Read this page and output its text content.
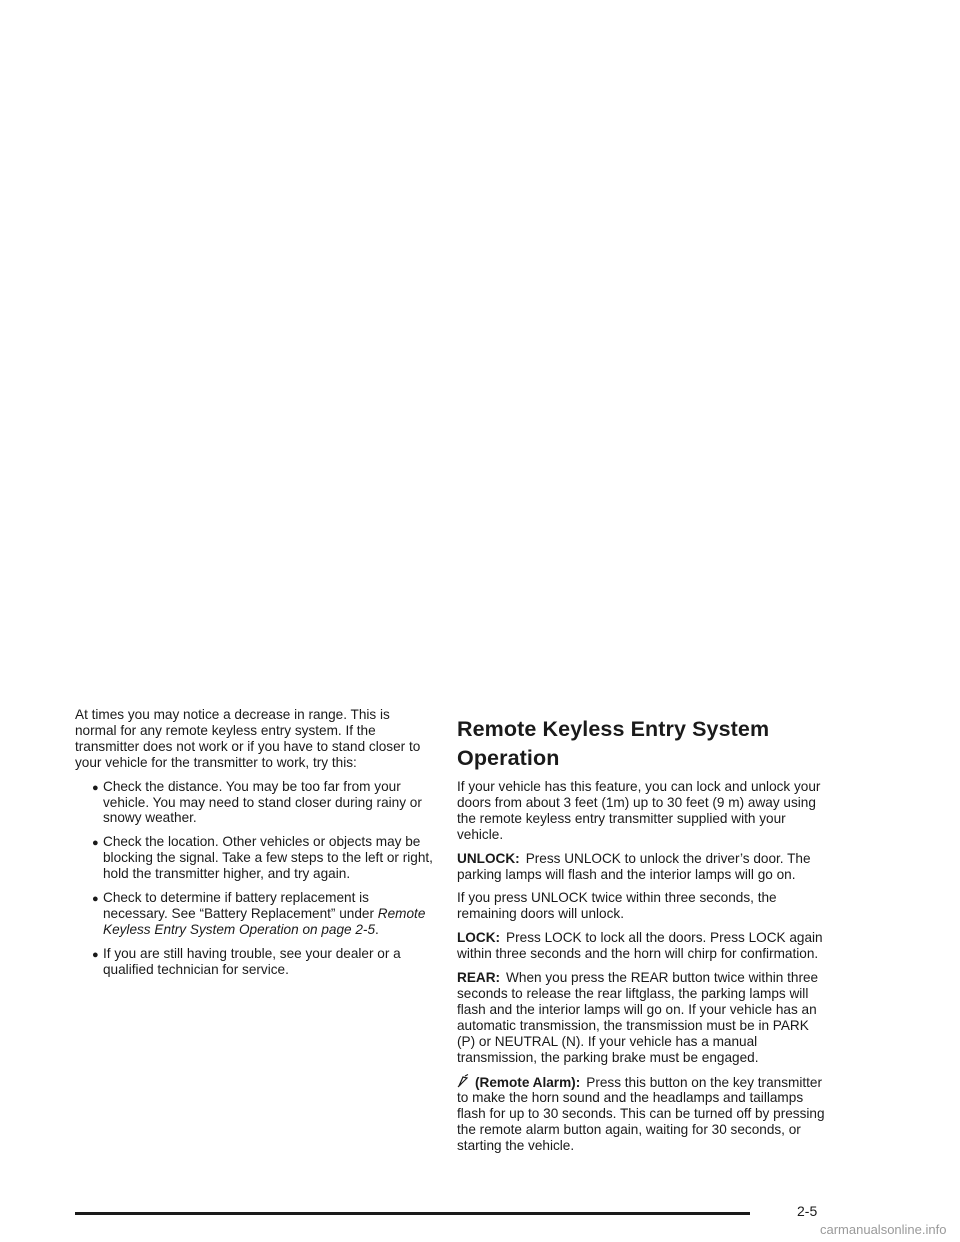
At times you may notice a decrease in range. This is normal for any remote keyless entry system. If the transmitter does not work or if you have to stand closer to your vehicle for the transmitter to work, try this:

● Check the distance. You may be too far from your vehicle. You may need to stand closer during rainy or snowy weather.
● Check the location. Other vehicles or objects may be blocking the signal. Take a few steps to the left or right, hold the transmitter higher, and try again.
● Check to determine if battery replacement is necessary. See “Battery Replacement” under Remote Keyless Entry System Operation on page 2-5.
● If you are still having trouble, see your dealer or a qualified technician for service.
Remote Keyless Entry System Operation

If your vehicle has this feature, you can lock and unlock your doors from about 3 feet (1m) up to 30 feet (9 m) away using the remote keyless entry transmitter supplied with your vehicle.

UNLOCK: Press UNLOCK to unlock the driver’s door. The parking lamps will flash and the interior lamps will go on.

If you press UNLOCK twice within three seconds, the remaining doors will unlock.

LOCK: Press LOCK to lock all the doors. Press LOCK again within three seconds and the horn will chirp for confirmation.

REAR: When you press the REAR button twice within three seconds to release the rear liftglass, the parking lamps will flash and the interior lamps will go on. If your vehicle has an automatic transmission, the transmission must be in PARK (P) or NEUTRAL (N). If your vehicle has a manual transmission, the parking brake must be engaged.

(Remote Alarm): Press this button on the key transmitter to make the horn sound and the headlamps and taillamps flash for up to 30 seconds. This can be turned off by pressing the remote alarm button again, waiting for 30 seconds, or starting the vehicle.

2-5
carmanualsonline.info
